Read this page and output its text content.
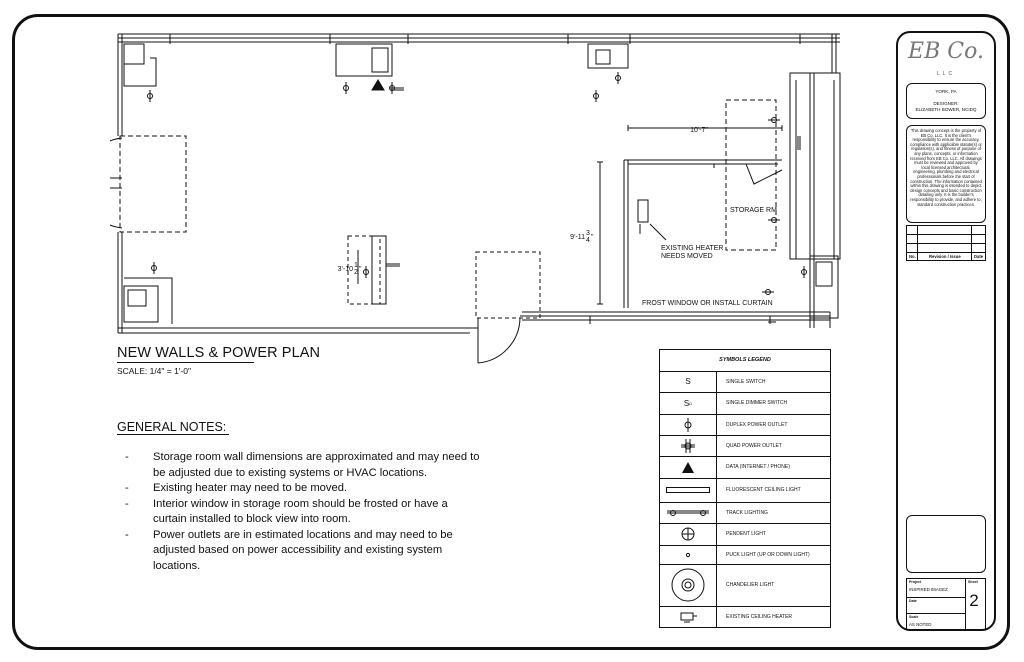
10'-7"
9'-11
3
4 "
3'-10
1
2 "
STORAGE RM
EXISTING HEATER
NEEDS MOVED
FROST WINDOW OR INSTALL CURTAIN
NEW WALLS & POWER PLAN
SCALE: 1/4" = 1'-0"
GENERAL NOTES:
- Storage room wall dimensions are approximated and may need to
be adjusted due to existing systems or HVAC locations.
- Existing heater may need to be moved.
- Interior window in storage room should be frosted or have a
curtain installed to block view into room.
- Power outlets are in estimated locations and may need to be
adjusted based on power accessibility and existing system
locations.
SYMBOLS LEGEND
S	SINGLE SWITCH
S D	SINGLE DIMMER SWITCH
DUPLEX POWER OUTLET
QUAD POWER OUTLET
DATA (INTERNET / PHONE)
FLUORESCENT CEILING LIGHT
TRACK LIGHTING
PENDENT LIGHT
PUCK LIGHT (UP OR DOWN LIGHT)
CHANDELIER LIGHT
EXISTING CEILING HEATER
EB Co.
LLC
YORK, PA
DESIGNER:
ELIZABETH BOWER, NCIDQ
This drawing concept is the property of EB Co. LLC. It is the client's responsibility to ensure the accuracy, compliance with applicable statute(s) or regulation(s), and fitness of purpose of any plans, concepts, or information received from EB Co. LLC. All drawings must be reviewed and approved by local licensed architectural, engineering, plumbing and electrical professionals before the start of construction. The information contained within this drawing is intended to depict design concepts and basic construction detailing only. It is the builder's responsibility to provide, and adhere to, standard construction practices.
No.	Revision / Issue	Date
Project
INSPIRED IMAGEZ
Date
Scale
AS NOTED
Sheet
2
